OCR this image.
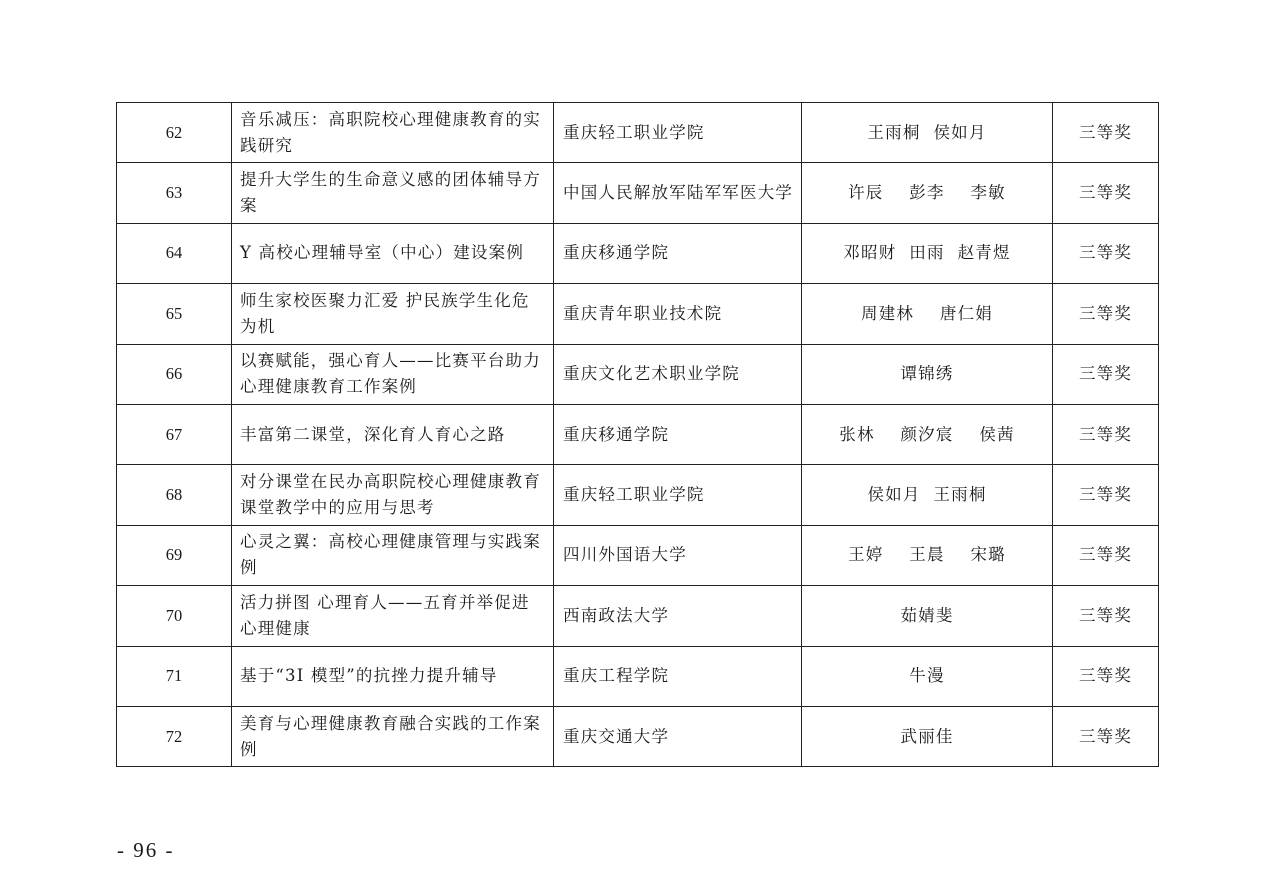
62	音乐减压：高职院校心理健康教育的实践研究	重庆轻工职业学院	王雨桐  侯如月	三等奖
63	提升大学生的生命意义感的团体辅导方案	中国人民解放军陆军军医大学	许辰    彭李    李敏	三等奖
64	Y 高校心理辅导室（中心）建设案例	重庆移通学院	邓昭财  田雨  赵青煜	三等奖
65	师生家校医聚力汇爱 护民族学生化危为机	重庆青年职业技术院	周建林    唐仁娟	三等奖
66	以赛赋能，强心育人——比赛平台助力心理健康教育工作案例	重庆文化艺术职业学院	谭锦绣	三等奖
67	丰富第二课堂，深化育人育心之路	重庆移通学院	张林    颜汐宸    侯茜	三等奖
68	对分课堂在民办高职院校心理健康教育课堂教学中的应用与思考	重庆轻工职业学院	侯如月  王雨桐	三等奖
69	心灵之翼：高校心理健康管理与实践案例	四川外国语大学	王婷    王晨    宋璐	三等奖
70	活力拼图 心理育人——五育并举促进心理健康	西南政法大学	茹婧斐	三等奖
71	基于“3I 模型”的抗挫力提升辅导	重庆工程学院	牛漫	三等奖
72	美育与心理健康教育融合实践的工作案例	重庆交通大学	武丽佳	三等奖
- 96 -
